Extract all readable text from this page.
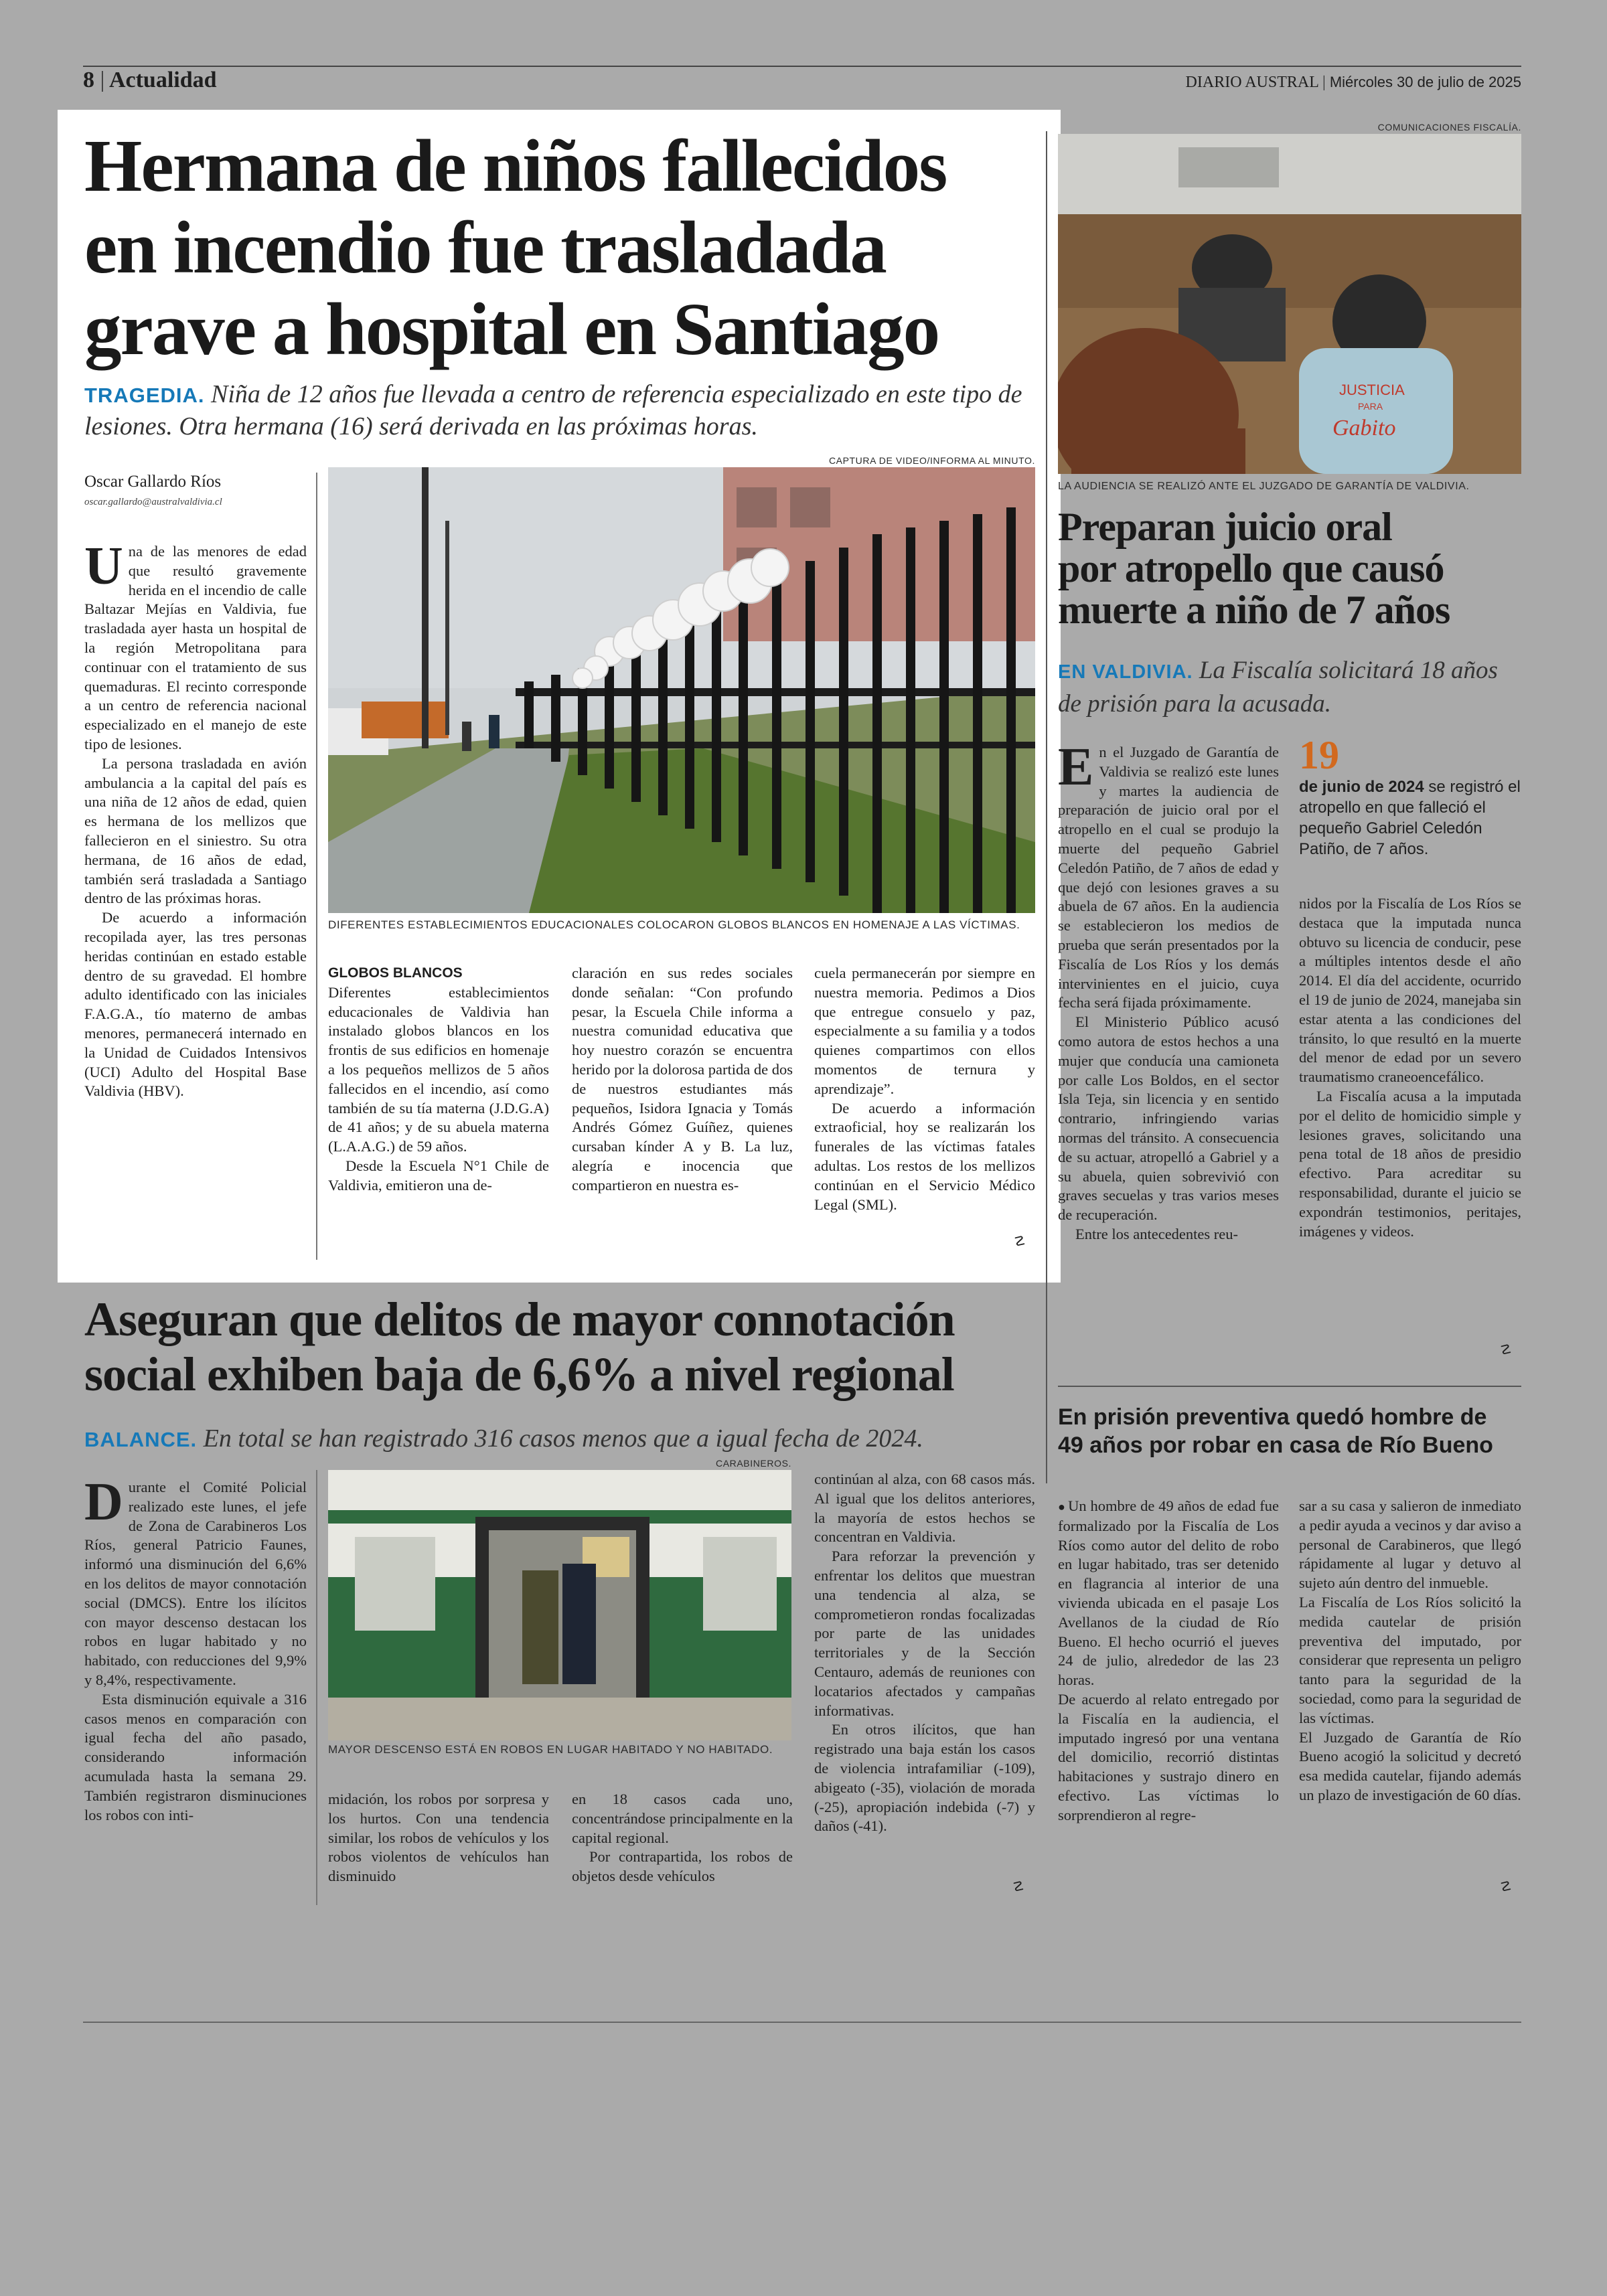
8 | Actualidad	DIARIO AUSTRAL | Miércoles 30 de julio de 2025
Hermana de niños fallecidos
en incendio fue trasladada
grave a hospital en Santiago
TRAGEDIA. Niña de 12 años fue llevada a centro de referencia especializado en este tipo de lesiones. Otra hermana (16) será derivada en las próximas horas.
Oscar Gallardo Ríos
oscar.gallardo@australvaldivia.cl
CAPTURA DE VIDEO/INFORMA AL MINUTO.
DIFERENTES ESTABLECIMIENTOS EDUCACIONALES COLOCARON GLOBOS BLANCOS EN HOMENAJE A LAS VÍCTIMAS.

Una de las menores de edad que resultó gravemente herida en el incendio de calle Baltazar Mejías en Valdivia, fue trasladada ayer hasta un hospital de la región Metropolitana para continuar con el tratamiento de sus quemaduras. El recinto corresponde a un centro de referencia nacional especializado en el manejo de este tipo de lesiones.

La persona trasladada en avión ambulancia a la capital del país es una niña de 12 años de edad, quien es hermana de los mellizos que fallecieron en el siniestro. Su otra hermana, de 16 años de edad, también será trasladada a Santiago dentro de las próximas horas.

De acuerdo a información recopilada ayer, las tres personas heridas continúan en estado estable dentro de su gravedad. El hombre adulto identificado con las iniciales F.A.G.A., tío materno de ambas menores, permanecerá internado en la Unidad de Cuidados Intensivos (UCI) Adulto del Hospital Base Valdivia (HBV).

GLOBOS BLANCOS

Diferentes establecimientos educacionales de Valdivia han instalado globos blancos en los frontis de sus edificios en homenaje a los pequeños mellizos de 5 años fallecidos en el incendio, así como también de su tía materna (J.D.G.A) de 41 años; y de su abuela materna (L.A.A.G.) de 59 años.

Desde la Escuela N°1 Chile de Valdivia, emitieron una de-

claración en sus redes sociales donde señalan: “Con profundo pesar, la Escuela Chile informa a nuestra comunidad educativa que hoy nuestro corazón se encuentra herido por la dolorosa partida de dos de nuestros estudiantes más pequeños, Isidora Ignacia y Tomás Andrés Gómez Guíñez, quienes cursaban kínder A y B. La luz, alegría e inocencia que compartieron en nuestra es-

cuela permanecerán por siempre en nuestra memoria. Pedimos a Dios que entregue consuelo y paz, especialmente a su familia y a todos quienes compartimos con ellos momentos de ternura y aprendizaje”.

De acuerdo a información extraoficial, hoy se realizarán los funerales de las víctimas fatales adultas. Los restos de los mellizos continúan en el Servicio Médico Legal (SML).

☡
Aseguran que delitos de mayor connotación
social exhiben baja de 6,6% a nivel regional
BALANCE. En total se han registrado 316 casos menos que a igual fecha de 2024.
CARABINEROS.
MAYOR DESCENSO ESTÁ EN ROBOS EN LUGAR HABITADO Y NO HABITADO.

Durante el Comité Policial realizado este lunes, el jefe de Zona de Carabineros Los Ríos, general Patricio Faunes, informó una disminución del 6,6% en los delitos de mayor connotación social (DMCS). Entre los ilícitos con mayor descenso destacan los robos en lugar habitado y no habitado, con reducciones del 9,9% y 8,4%, respectivamente.

Esta disminución equivale a 316 casos menos en comparación con igual fecha del año pasado, considerando información acumulada hasta la semana 29. También registraron disminuciones los robos con inti-

midación, los robos por sorpresa y los hurtos. Con una tendencia similar, los robos de vehículos y los robos violentos de vehículos han disminuido

en 18 casos cada uno, concentrándose principalmente en la capital regional.

Por contrapartida, los robos de objetos desde vehículos

continúan al alza, con 68 casos más. Al igual que los delitos anteriores, la mayoría de estos hechos se concentran en Valdivia.

Para reforzar la prevención y enfrentar los delitos que muestran una tendencia al alza, se comprometieron rondas focalizadas por parte de las unidades territoriales y de la Sección Centauro, además de reuniones con locatarios afectados y campañas informativas.

En otros ilícitos, que han registrado una baja están los casos de violencia intrafamiliar (-109), abigeato (-35), violación de morada (-25), apropiación indebida (-7) y daños (-41).

☡
COMUNICACIONES FISCALÍA.
JUSTICIA
PARA
Gabito
LA AUDIENCIA SE REALIZÓ ANTE EL JUZGADO DE GARANTÍA DE VALDIVIA.
Preparan juicio oral
por atropello que causó
muerte a niño de 7 años
EN VALDIVIA. La Fiscalía solicitará 18 años de prisión para la acusada.

En el Juzgado de Garantía de Valdivia se realizó este lunes y martes la audiencia de preparación de juicio oral por el atropello en el cual se produjo la muerte del pequeño Gabriel Celedón Patiño, de 7 años de edad y que dejó con lesiones graves a su abuela de 67 años. En la audiencia se establecieron los medios de prueba que serán presentados por la Fiscalía de Los Ríos y los demás intervinientes en el juicio, cuya fecha será fijada próximamente.

El Ministerio Público acusó como autora de estos hechos a una mujer que conducía una camioneta por calle Los Boldos, en el sector Isla Teja, sin licencia y en sentido contrario, infringiendo varias normas del tránsito. A consecuencia de su actuar, atropelló a Gabriel y a su abuela, quien sobrevivió con graves secuelas y tras varios meses de recuperación.

Entre los antecedentes reu-

19
de junio de 2024 se registró el atropello en que falleció el pequeño Gabriel Celedón Patiño, de 7 años.

nidos por la Fiscalía de Los Ríos se destaca que la imputada nunca obtuvo su licencia de conducir, pese a múltiples intentos desde el año 2014. El día del accidente, ocurrido el 19 de junio de 2024, manejaba sin estar atenta a las condiciones del tránsito, lo que resultó en la muerte del menor de edad por un severo traumatismo craneoencefálico.

La Fiscalía acusa a la imputada por el delito de homicidio simple y lesiones graves, solicitando una pena total de 18 años de presidio efectivo. Para acreditar su responsabilidad, durante el juicio se expondrán testimonios, peritajes, imágenes y videos.

☡
En prisión preventiva quedó hombre de
49 años por robar en casa de Río Bueno

● Un hombre de 49 años de edad fue formalizado por la Fiscalía de Los Ríos como autor del delito de robo en lugar habitado, tras ser detenido en flagrancia al interior de una vivienda ubicada en el pasaje Los Avellanos de la ciudad de Río Bueno. El hecho ocurrió el jueves 24 de julio, alrededor de las 23 horas.

De acuerdo al relato entregado por la Fiscalía en la audiencia, el imputado ingresó por una ventana del domicilio, recorrió distintas habitaciones y sustrajo dinero en efectivo. Las víctimas lo sorprendieron al regre-

sar a su casa y salieron de inmediato a pedir ayuda a vecinos y dar aviso a personal de Carabineros, que llegó rápidamente al lugar y detuvo al sujeto aún dentro del inmueble.

La Fiscalía de Los Ríos solicitó la medida cautelar de prisión preventiva del imputado, por considerar que representa un peligro tanto para la seguridad de la sociedad, como para la seguridad de las víctimas.

El Juzgado de Garantía de Río Bueno acogió la solicitud y decretó esa medida cautelar, fijando además un plazo de investigación de 60 días.

☡
